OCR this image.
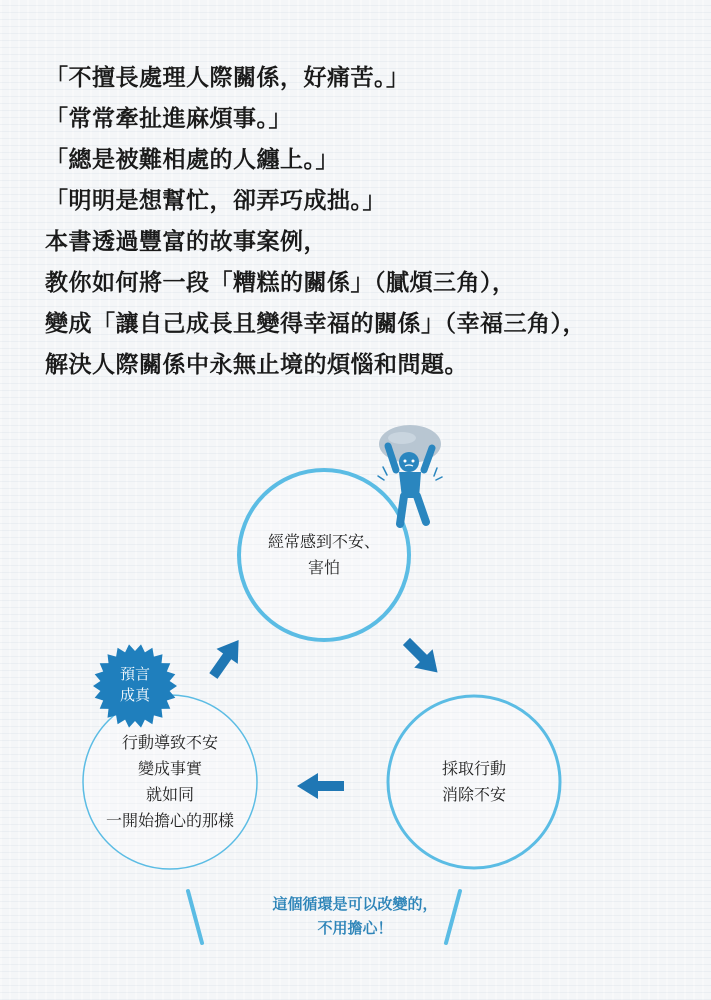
「不擅長處理人際關係，好痛苦。」
「常常牽扯進麻煩事。」
「總是被難相處的人纏上。」
「明明是想幫忙，卻弄巧成拙。」
本書透過豐富的故事案例，
教你如何將一段「糟糕的關係」（膩煩三角），
變成「讓自己成長且變得幸福的關係」（幸福三角），
解決人際關係中永無止境的煩惱和問題。
經常感到不安、
害怕
採取行動
消除不安
行動導致不安
變成事實
就如同
一開始擔心的那樣
預言
成真
這個循環是可以改變的，
不用擔心！
